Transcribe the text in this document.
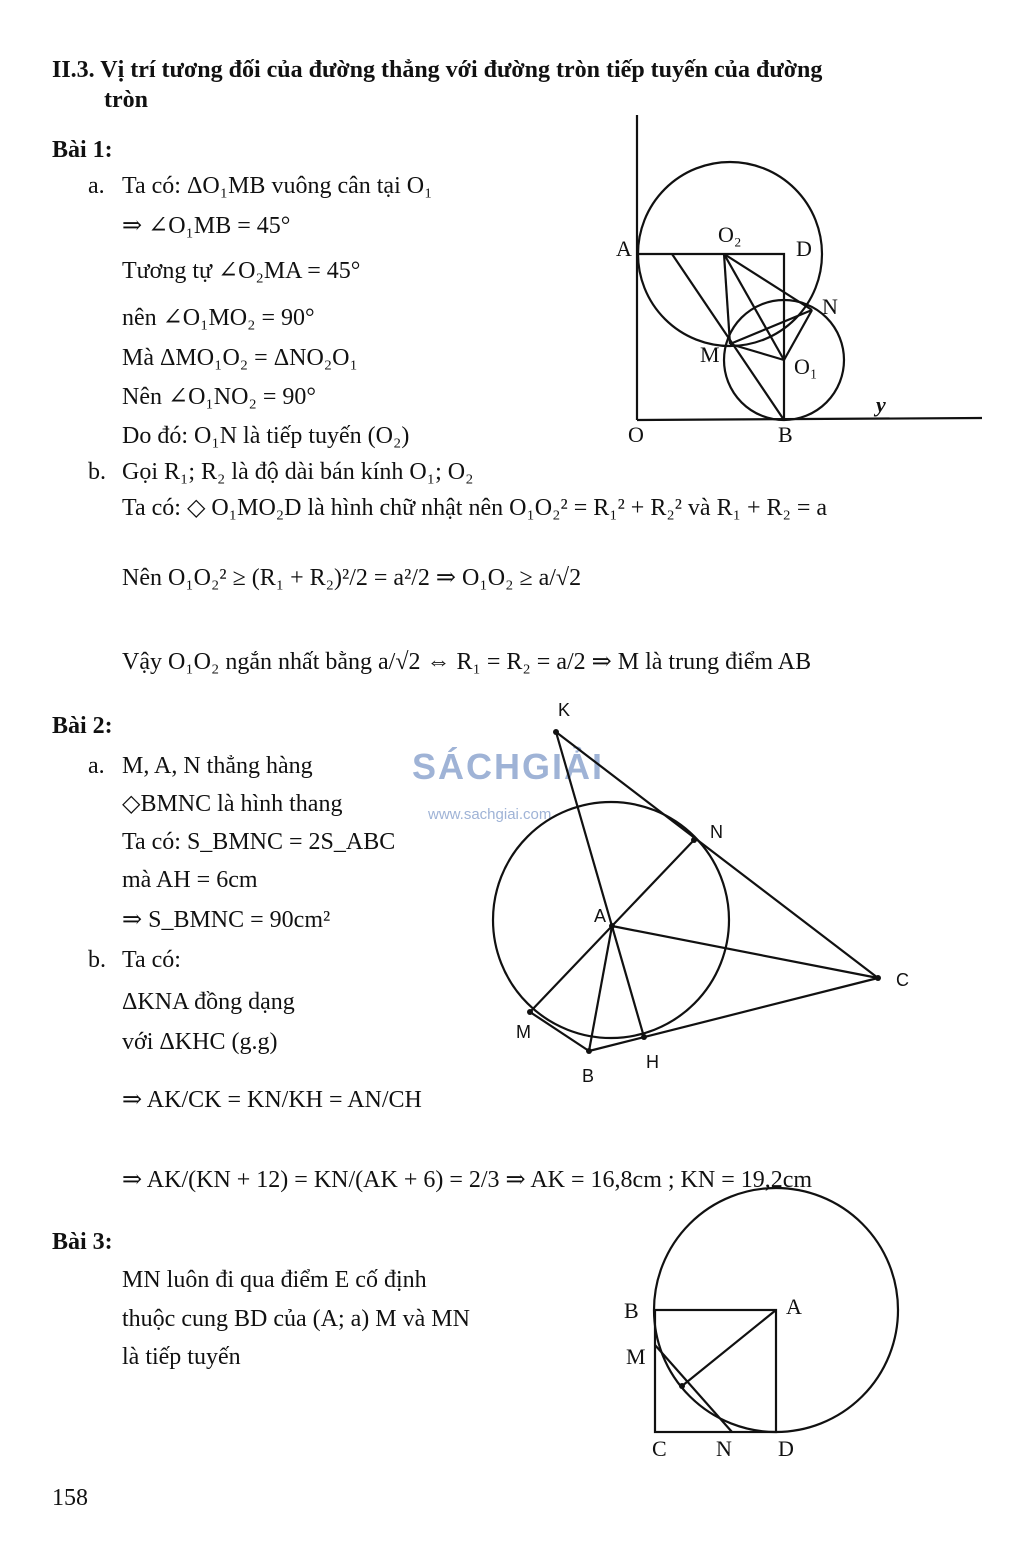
II.3. Vị trí tương đối của đường thẳng với đường tròn tiếp tuyến của đường
tròn
Bài 1:
a. Ta có: ΔO₁MB vuông cân tại O₁
⇒ ∠O₁MB = 45°
Tương tự ∠O₂MA = 45°
nên ∠O₁MO₂ = 90°
Mà ΔMO₁O₂ = ΔNO₂O₁
Nên ∠O₁NO₂ = 90°
Do đó: O₁N là tiếp tuyến (O₂)
b. Gọi R₁; R₂ là độ dài bán kính O₁; O₂
Ta có: ◇ O₁MO₂D là hình chữ nhật nên O₁O₂² = R₁² + R₂² và R₁ + R₂ = a
Nên O₁O₂² ≥ (R₁ + R₂)²/2 = a²/2 ⇒ O₁O₂ ≥ a/√2
Vậy O₁O₂ ngắn nhất bằng a/√2 ⇔ R₁ = R₂ = a/2 ⇒ M là trung điểm AB
A	D
O₂
N
M	O₁
O	B
y
Bài 2:
a. M, A, N thẳng hàng
◇BMNC là hình thang
Ta có: S_BMNC = 2S_ABC
mà AH = 6cm
⇒ S_BMNC = 90cm²
b. Ta có:
ΔKNA đồng dạng
với ΔKHC (g.g)
⇒ AK/CK = KN/KH = AN/CH
⇒ AK/(KN + 12) = KN/(AK + 6) = 2/3 ⇒ AK = 16,8cm ; KN = 19,2cm
SÁCHGIẢI
www.sachgiai.com
K
N
A
C
M
B
H
Bài 3:
MN luôn đi qua điểm E cố định
thuộc cung BD của (A; a) M và MN
là tiếp tuyến
B	A
M
C N D
158
